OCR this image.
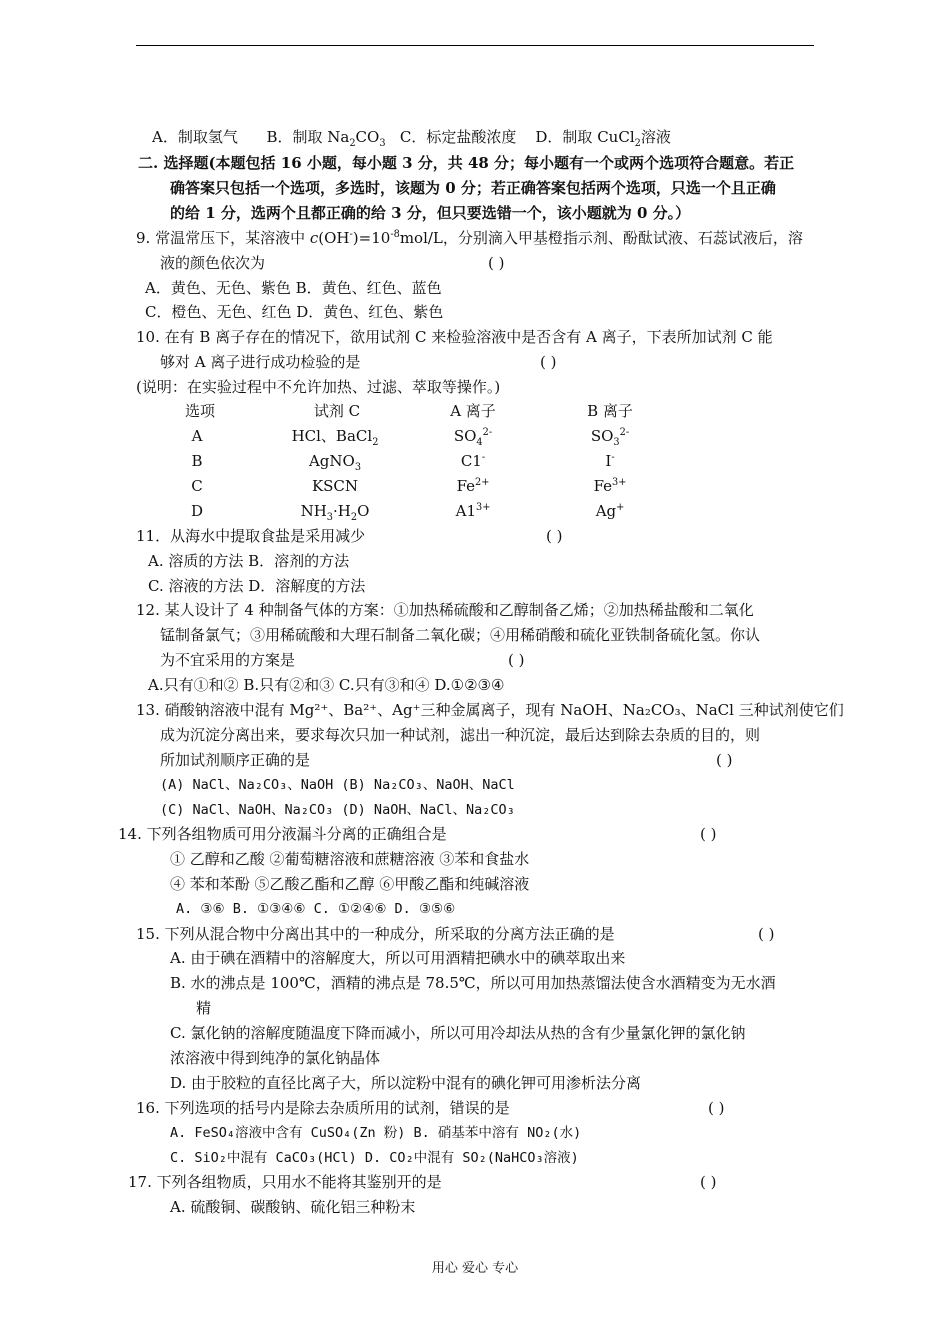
A．制取氢气 B．制取 $Na_2CO_3$ C．标定盐酸浓度 D．制取 CuCl$_2$溶液
二. 选择题(本题包括 16 小题，每小题 3 分，共 48 分；每小题有一个或两个选项符合题意。若正
确答案只包括一个选项，多选时，该题为 0 分；若正确答案包括两个选项，只选一个且正确
的给 1 分，选两个且都正确的给 3 分，但只要选错一个，该小题就为 0 分。）
9. 常温常压下，某溶液中 $c(OH^-)=10^{-8}mol/L$，分别滴入甲基橙指示剂、酚酞试液、石蕊试液后，溶
液的颜色依次为	( )
A．黄色、无色、紫色 B．黄色、红色、蓝色
C．橙色、无色、红色 D．黄色、红色、紫色
10. 在有 B 离子存在的情况下，欲用试剂 C 来检验溶液中是否含有 A 离子，下表所加试剂 C 能
够对 A 离子进行成功检验的是	( )
(说明：在实验过程中不允许加热、过滤、萃取等操作。)
选项	试剂 C	A 离子	B 离子
A	HCl、BaCl$_2$	$SO_4^{2-}$	$SO_3^{2-}$
B	AgNO$_3$	C1-	I-
C	KSCN	$Fe^{2+}$	$Fe^{3+}$
D	$NH_3\cdot H_2O$	$A1^{3+}$	Ag+
11．从海水中提取食盐是采用减少	( )
A. 溶质的方法 B．溶剂的方法
C. 溶液的方法 D．溶解度的方法
12. 某人设计了 4 种制备气体的方案：①加热稀硫酸和乙醇制备乙烯；②加热稀盐酸和二氧化
锰制备氯气；③用稀硫酸和大理石制备二氧化碳；④用稀硝酸和硫化亚铁制备硫化氢。你认
为不宜采用的方案是	( )
A.只有①和② B.只有②和③ C.只有③和④ D.①②③④
13. 硝酸钠溶液中混有 Mg²⁺、Ba²⁺、Ag⁺三种金属离子，现有 NaOH、Na₂CO₃、NaCl 三种试剂使它们
成为沉淀分离出来，要求每次只加一种试剂，滤出一种沉淀，最后达到除去杂质的目的，则
所加试剂顺序正确的是	( )
(A) NaCl、Na₂CO₃、NaOH (B) Na₂CO₃、NaOH、NaCl
(C) NaCl、NaOH、Na₂CO₃ (D) NaOH、NaCl、Na₂CO₃
14. 下列各组物质可用分液漏斗分离的正确组合是	( )
① 乙醇和乙酸 ②葡萄糖溶液和蔗糖溶液 ③苯和食盐水
④ 苯和苯酚 ⑤乙酸乙酯和乙醇 ⑥甲酸乙酯和纯碱溶液
A. ③⑥ B. ①③④⑥ C. ①②④⑥ D. ③⑤⑥
15. 下列从混合物中分离出其中的一种成分，所采取的分离方法正确的是	( )
A. 由于碘在酒精中的溶解度大，所以可用酒精把碘水中的碘萃取出来
B. 水的沸点是 100℃，酒精的沸点是 78.5℃，所以可用加热蒸馏法使含水酒精变为无水酒
精
C. 氯化钠的溶解度随温度下降而减小，所以可用冷却法从热的含有少量氯化钾的氯化钠
浓溶液中得到纯净的氯化钠晶体
D. 由于胶粒的直径比离子大，所以淀粉中混有的碘化钾可用渗析法分离
16. 下列选项的括号内是除去杂质所用的试剂，错误的是	( )
A. FeSO₄溶液中含有 CuSO₄(Zn 粉) B. 硝基苯中溶有 NO₂(水)
C. SiO₂中混有 CaCO₃(HCl) D. CO₂中混有 SO₂(NaHCO₃溶液)
17. 下列各组物质，只用水不能将其鉴别开的是	( )
A. 硫酸铜、碳酸钠、硫化铝三种粉末
用心 爱心 专心
